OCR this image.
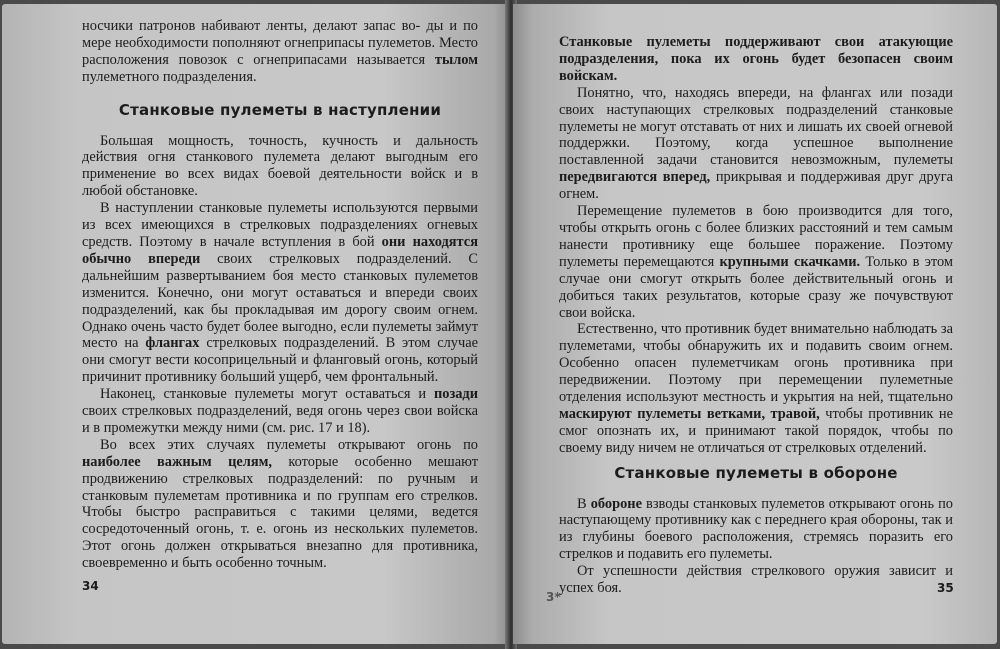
носчики патронов набивают ленты, делают запас во- ды и по мере необходимости пополняют огнеприпасы пулеметов. Место расположения повозок с огнеприпасами называется тылом пулеметного подразделения.

Станковые пулеметы в наступлении

Большая мощность, точность, кучность и дальность действия огня станкового пулемета делают выгодным его применение во всех видах боевой деятельности войск и в любой обстановке.

В наступлении станковые пулеметы используются первыми из всех имеющихся в стрелковых подразделениях огневых средств. Поэтому в начале вступления в бой они находятся обычно впереди своих стрелковых подразделений. С дальнейшим развертыванием боя место станковых пулеметов изменится. Конечно, они могут оставаться и впереди своих подразделений, как бы прокладывая им дорогу своим огнем. Однако очень часто будет более выгодно, если пулеметы займут место на флангах стрелковых подразделений. В этом случае они смогут вести косоприцельный и фланговый огонь, который причинит противнику больший ущерб, чем фронтальный.

Наконец, станковые пулеметы могут оставаться и позади своих стрелковых подразделений, ведя огонь через свои войска и в промежутки между ними (см. рис. 17 и 18).

Во всех этих случаях пулеметы открывают огонь по наиболее важным целям, которые особенно мешают продвижению стрелковых подразделений: по ручным и станковым пулеметам противника и по группам его стрелков. Чтобы быстро расправиться с такими целями, ведется сосредоточенный огонь, т. е. огонь из нескольких пулеметов. Этот огонь должен открываться внезапно для противника, своевременно и быть особенно точным.

34

Станковые пулеметы поддерживают свои атакующие подразделения, пока их огонь будет безопасен своим войскам.

Понятно, что, находясь впереди, на флангах или позади своих наступающих стрелковых подразделений станковые пулеметы не могут отставать от них и лишать их своей огневой поддержки. Поэтому, когда успешное выполнение поставленной задачи становится невозможным, пулеметы передвигаются вперед, прикрывая и поддерживая друг друга огнем.

Перемещение пулеметов в бою производится для того, чтобы открыть огонь с более близких расстояний и тем самым нанести противнику еще большее поражение. Поэтому пулеметы перемещаются крупными скачками. Только в этом случае они смогут открыть более действительный огонь и добиться таких результатов, которые сразу же почувствуют свои войска.

Естественно, что противник будет внимательно наблюдать за пулеметами, чтобы обнаружить их и подавить своим огнем. Особенно опасен пулеметчикам огонь противника при передвижении. Поэтому при перемещении пулеметные отделения используют местность и укрытия на ней, тщательно маскируют пулеметы ветками, травой, чтобы противник не смог опознать их, и принимают такой порядок, чтобы по своему виду ничем не отличаться от стрелковых отделений.

Станковые пулеметы в обороне

В обороне взводы станковых пулеметов открывают огонь по наступающему противнику как с переднего края обороны, так и из глубины боевого расположения, стремясь поразить его стрелков и подавить его пулеметы.

От успешности действия стрелкового оружия зависит и успех боя.

3*
35
